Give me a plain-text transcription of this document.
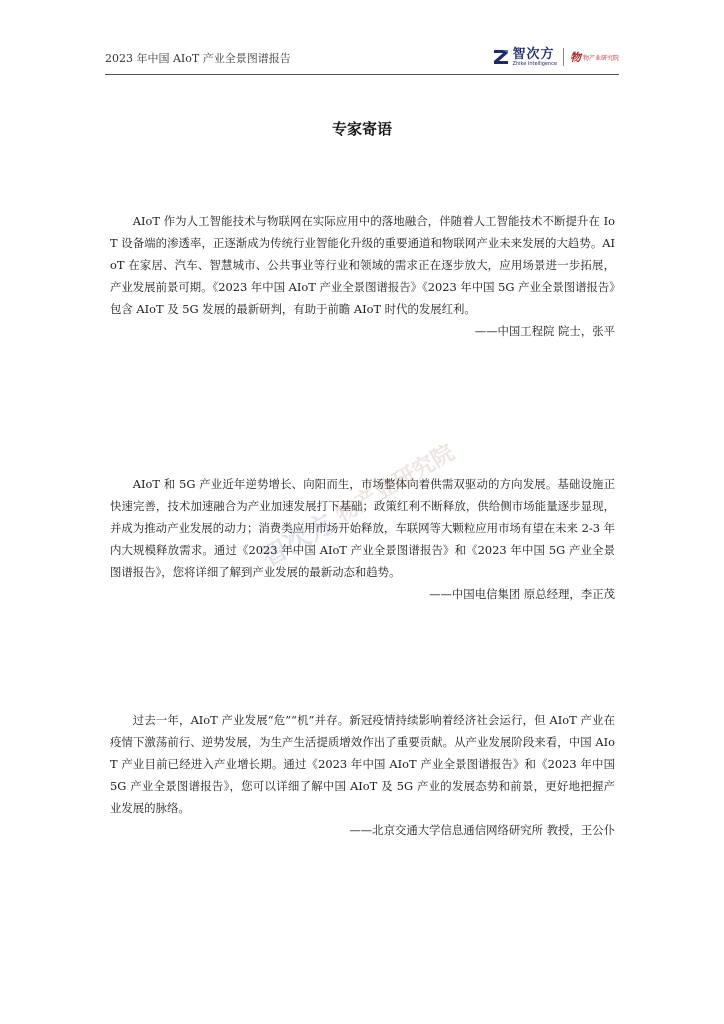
2023 年中国 AIoT 产业全景图谱报告	智次方
Zhike Intelligence 物 物产业研究院
专家寄语

AIoT 作为人工智能技术与物联网在实际应用中的落地融合，伴随着人工智能技术不断提升在 IoT 设备端的渗透率，正逐渐成为传统行业智能化升级的重要通道和物联网产业未来发展的大趋势。AIoT 在家居、汽车、智慧城市、公共事业等行业和领域的需求正在逐步放大，应用场景进一步拓展，产业发展前景可期。《2023 年中国 AIoT 产业全景图谱报告》《2023 年中国 5G 产业全景图谱报告》包含 AIoT 及 5G 发展的最新研判，有助于前瞻 AIoT 时代的发展红利。

——中国工程院 院士，张平

AIoT 和 5G 产业近年逆势增长、向阳而生，市场整体向着供需双驱动的方向发展。基础设施正快速完善，技术加速融合为产业加速发展打下基础；政策红利不断释放，供给侧市场能量逐步显现，并成为推动产业发展的动力；消费类应用市场开始释放，车联网等大颗粒应用市场有望在未来 2-3 年内大规模释放需求。通过《2023 年中国 AIoT 产业全景图谱报告》和《2023 年中国 5G 产业全景图谱报告》，您将详细了解到产业发展的最新动态和趋势。

——中国电信集团 原总经理，李正茂

过去一年，AIoT 产业发展“危”“机”并存。新冠疫情持续影响着经济社会运行，但 AIoT 产业在疫情下激荡前行、逆势发展，为生产生活提质增效作出了重要贡献。从产业发展阶段来看，中国 AIoT 产业目前已经进入产业增长期。通过《2023 年中国 AIoT 产业全景图谱报告》和《2023 年中国 5G 产业全景图谱报告》，您可以详细了解中国 AIoT 及 5G 产业的发展态势和前景，更好地把握产业发展的脉络。

——北京交通大学信息通信网络研究所 教授，王公仆

智次方
物产业研究院
